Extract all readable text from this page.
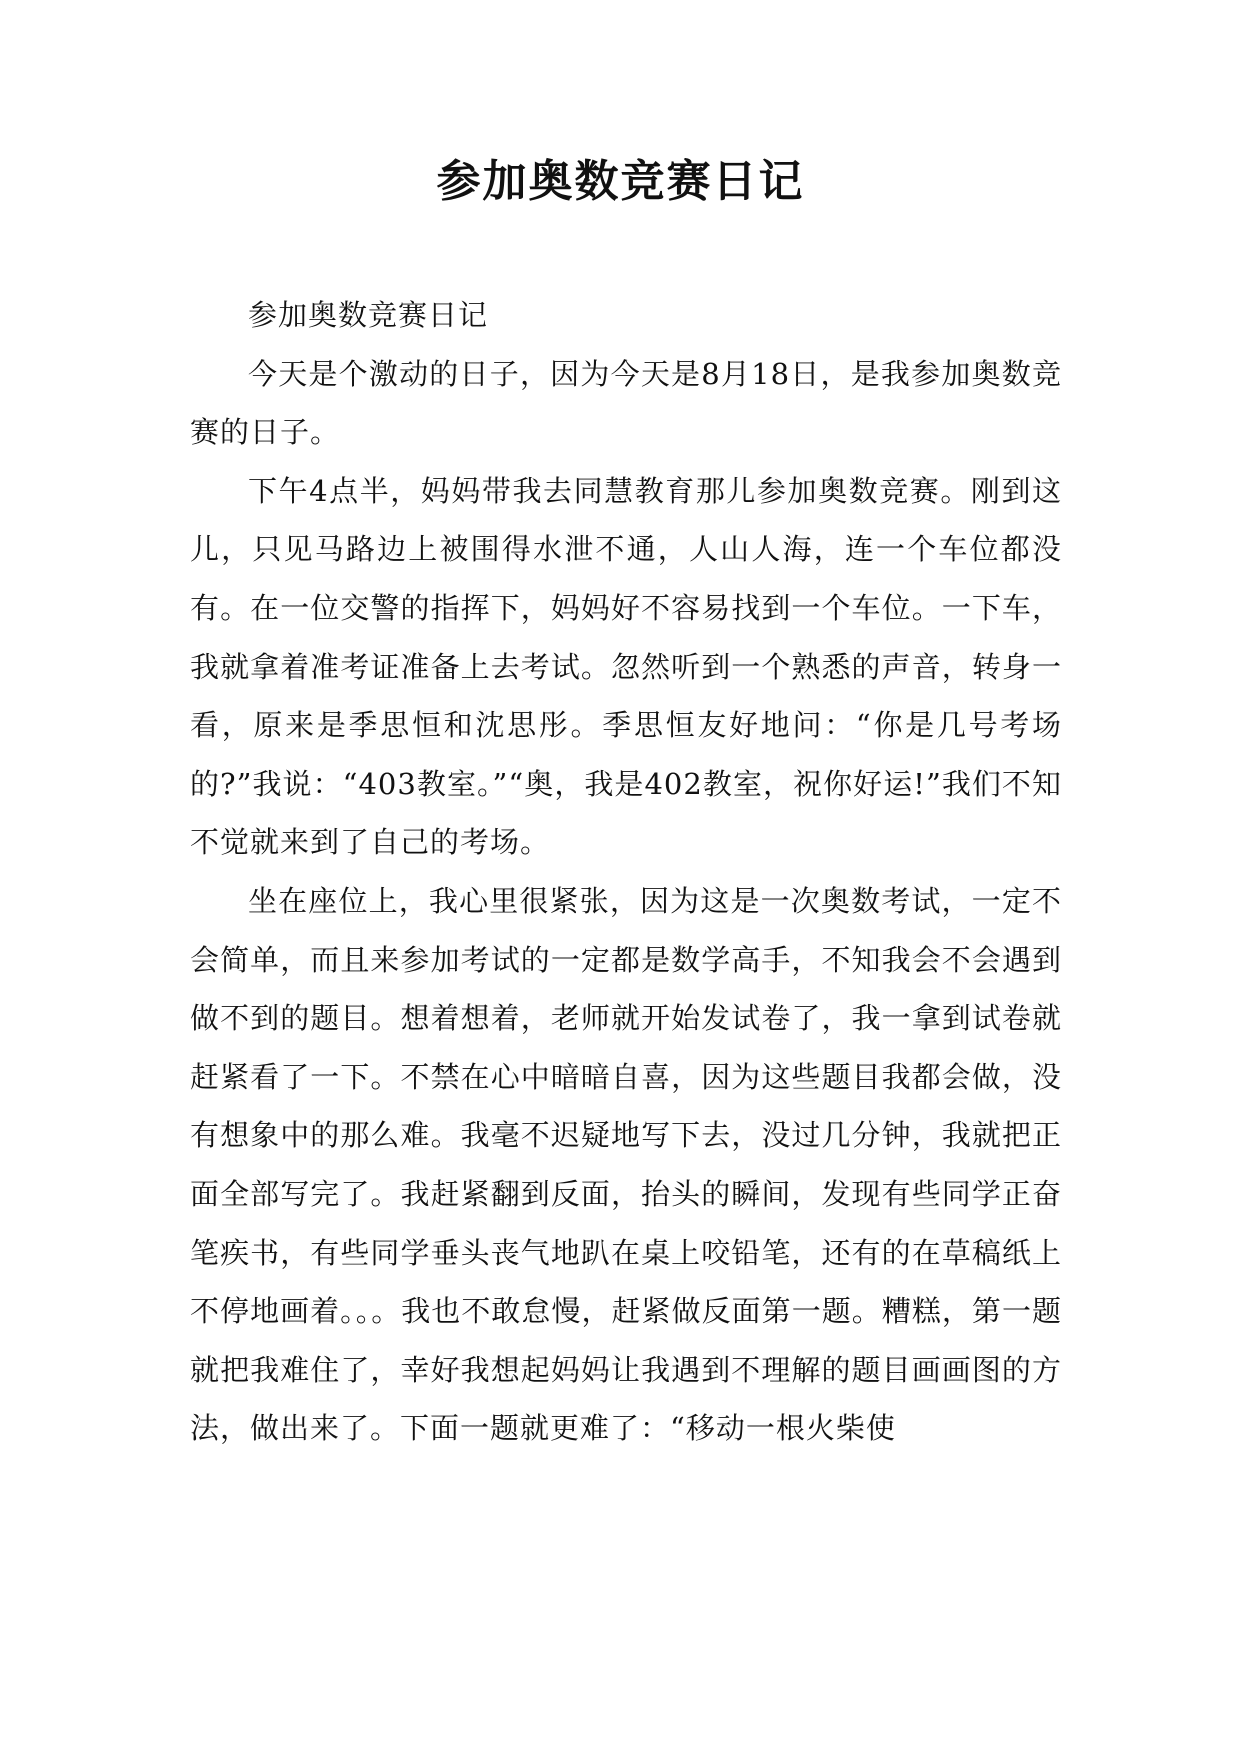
参加奥数竞赛日记

参加奥数竞赛日记

今天是个激动的日子，因为今天是8月18日，是我参加奥数竞赛的日子。

下午4点半，妈妈带我去同慧教育那儿参加奥数竞赛。刚到这儿，只见马路边上被围得水泄不通，人山人海，连一个车位都没有。在一位交警的指挥下，妈妈好不容易找到一个车位。一下车，我就拿着准考证准备上去考试。忽然听到一个熟悉的声音，转身一看，原来是季思恒和沈思彤。季思恒友好地问：“你是几号考场的?”我说：“403教室。”“奥，我是402教室，祝你好运!”我们不知不觉就来到了自己的考场。

坐在座位上，我心里很紧张，因为这是一次奥数考试，一定不会简单，而且来参加考试的一定都是数学高手，不知我会不会遇到做不到的题目。想着想着，老师就开始发试卷了，我一拿到试卷就赶紧看了一下。不禁在心中暗暗自喜，因为这些题目我都会做，没有想象中的那么难。我毫不迟疑地写下去，没过几分钟，我就把正面全部写完了。我赶紧翻到反面，抬头的瞬间，发现有些同学正奋笔疾书，有些同学垂头丧气地趴在桌上咬铅笔，还有的在草稿纸上不停地画着。。。我也不敢怠慢，赶紧做反面第一题。糟糕，第一题就把我难住了，幸好我想起妈妈让我遇到不理解的题目画画图的方法，做出来了。下面一题就更难了：“移动一根火柴使
